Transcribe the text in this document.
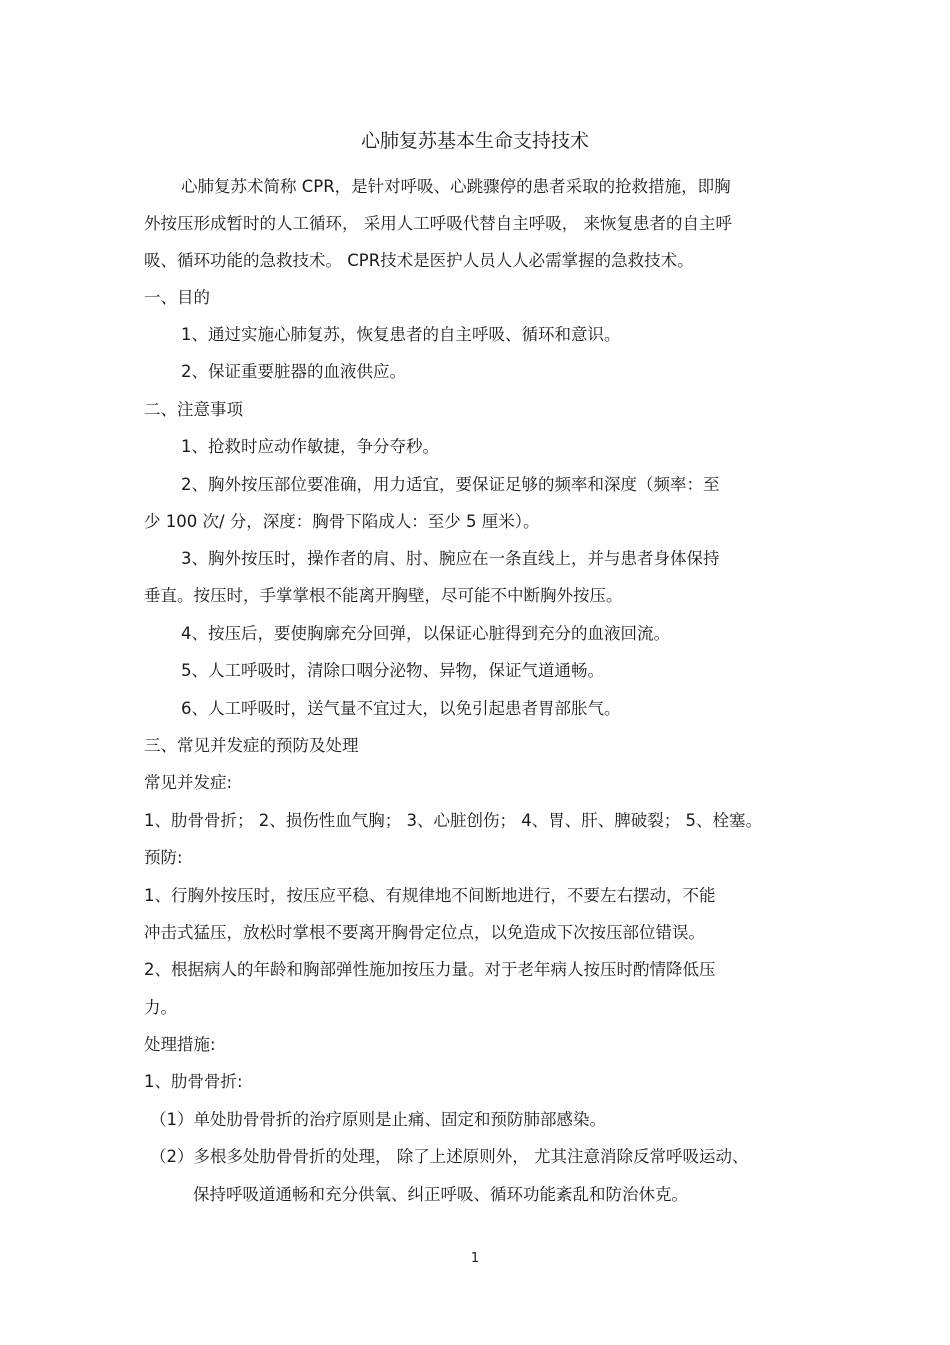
心肺复苏基本生命支持技术
心肺复苏术简称 CPR，是针对呼吸、心跳骤停的患者采取的抢救措施，即胸
外按压形成暂时的人工循环， 采用人工呼吸代替自主呼吸， 来恢复患者的自主呼
吸、循环功能的急救技术。 CPR技术是医护人员人人必需掌握的急救技术。
一、目的
1、通过实施心肺复苏，恢复患者的自主呼吸、循环和意识。
2、保证重要脏器的血液供应。
二、注意事项
1、抢救时应动作敏捷，争分夺秒。
2、胸外按压部位要准确，用力适宜，要保证足够的频率和深度（频率：至
少 100 次/ 分，深度：胸骨下陷成人：至少 5 厘米）。
3、胸外按压时，操作者的肩、肘、腕应在一条直线上，并与患者身体保持
垂直。按压时，手掌掌根不能离开胸壁，尽可能不中断胸外按压。
4、按压后，要使胸廓充分回弹，以保证心脏得到充分的血液回流。
5、人工呼吸时，清除口咽分泌物、异物，保证气道通畅。
6、人工呼吸时，送气量不宜过大，以免引起患者胃部胀气。
三、常见并发症的预防及处理
常见并发症:
1、肋骨骨折； 2、损伤性血气胸； 3、心脏创伤； 4、胃、肝、脾破裂； 5、栓塞。
预防:
1、行胸外按压时，按压应平稳、有规律地不间断地进行，不要左右摆动，不能
冲击式猛压，放松时掌根不要离开胸骨定位点，以免造成下次按压部位错误。
2、根据病人的年龄和胸部弹性施加按压力量。对于老年病人按压时酌情降低压
力。
处理措施:
1、肋骨骨折:
（1）单处肋骨骨折的治疗原则是止痛、固定和预防肺部感染。
（2）多根多处肋骨骨折的处理， 除了上述原则外， 尤其注意消除反常呼吸运动、
保持呼吸道通畅和充分供氧、纠正呼吸、循环功能紊乱和防治休克。
1
